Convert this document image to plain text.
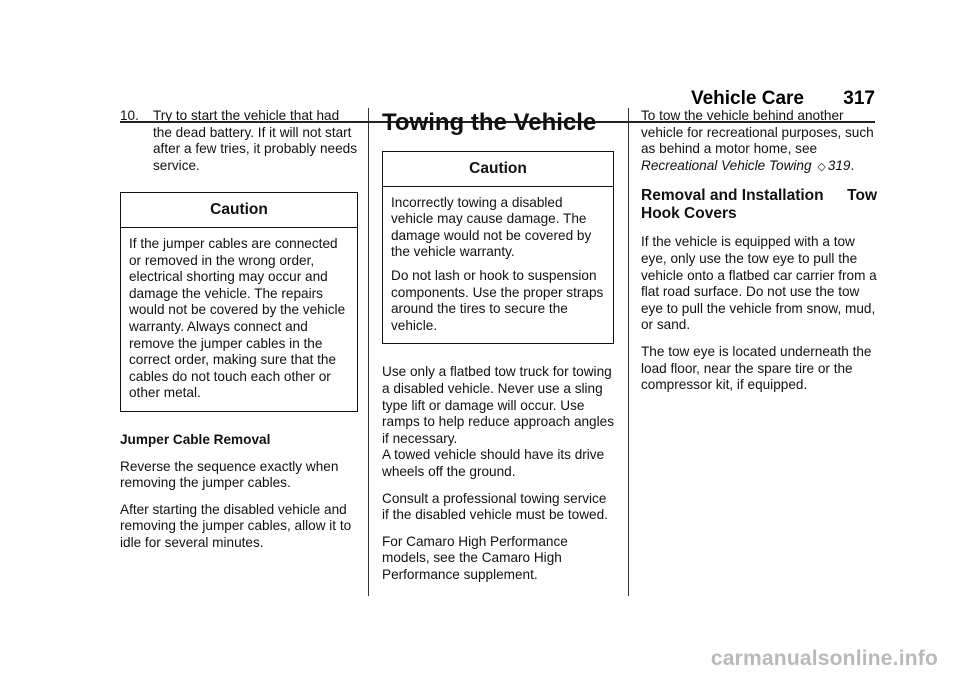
Vehicle Care 317
10.	Try to start the vehicle that had the dead battery. If it will not start after a few tries, it probably needs service.
Caution

If the jumper cables are connected or removed in the wrong order, electrical shorting may occur and damage the vehicle. The repairs would not be covered by the vehicle warranty. Always connect and remove the jumper cables in the correct order, making sure that the cables do not touch each other or other metal.

Jumper Cable Removal

Reverse the sequence exactly when removing the jumper cables.

After starting the disabled vehicle and removing the jumper cables, allow it to idle for several minutes.

Towing the Vehicle
Caution

Incorrectly towing a disabled vehicle may cause damage. The damage would not be covered by the vehicle warranty.

Do not lash or hook to suspension components. Use the proper straps around the tires to secure the vehicle.

Use only a flatbed tow truck for towing a disabled vehicle. Never use a sling type lift or damage will occur. Use ramps to help reduce approach angles if necessary.

A towed vehicle should have its drive wheels off the ground.

Consult a professional towing service if the disabled vehicle must be towed.

For Camaro High Performance models, see the Camaro High Performance supplement.

To tow the vehicle behind another vehicle for recreational purposes, such as behind a motor home, see
Recreational Vehicle Towing ◇ 319.

Removal and Installation Tow
Hook Covers

If the vehicle is equipped with a tow eye, only use the tow eye to pull the vehicle onto a flatbed car carrier from a flat road surface. Do not use the tow eye to pull the vehicle from snow, mud, or sand.

The tow eye is located underneath the load floor, near the spare tire or the compressor kit, if equipped.

carmanualsonline.info
